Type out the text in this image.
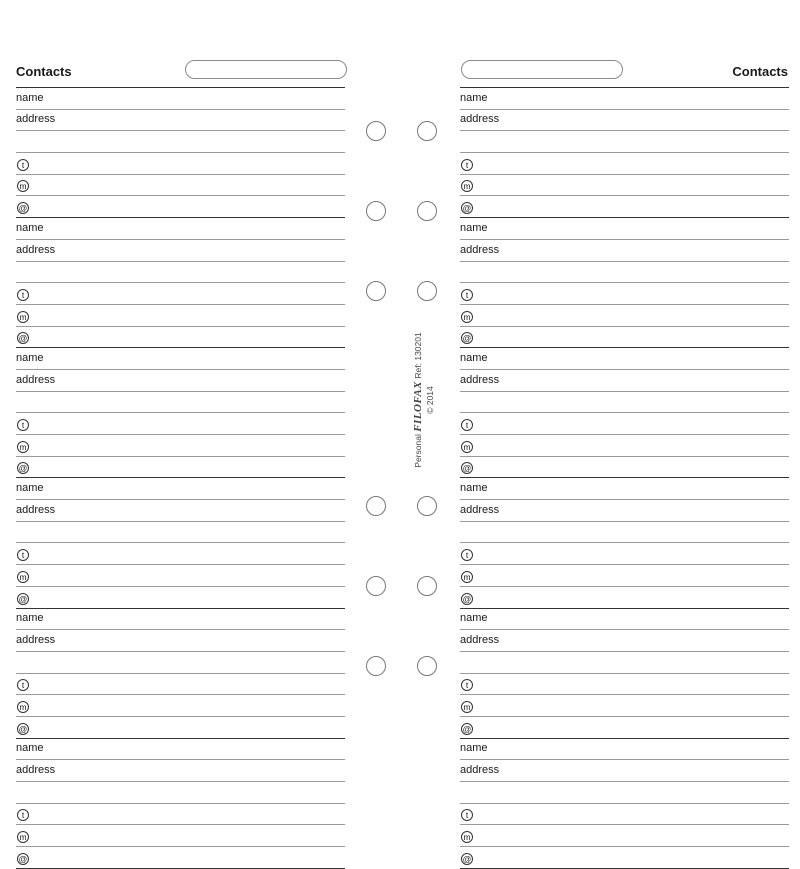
Contacts
name
address
t
m
@
name
address
t
m
@
name
address
t
m
@
name
address
t
m
@
name
address
t
m
@
name
address
t
m
@
Contacts
name
address
t
m
@
name
address
t
m
@
name
address
t
m
@
name
address
t
m
@
name
address
t
m
@
name
address
t
m
@
Personal FILOFAX Ref: 130201
© 2014
